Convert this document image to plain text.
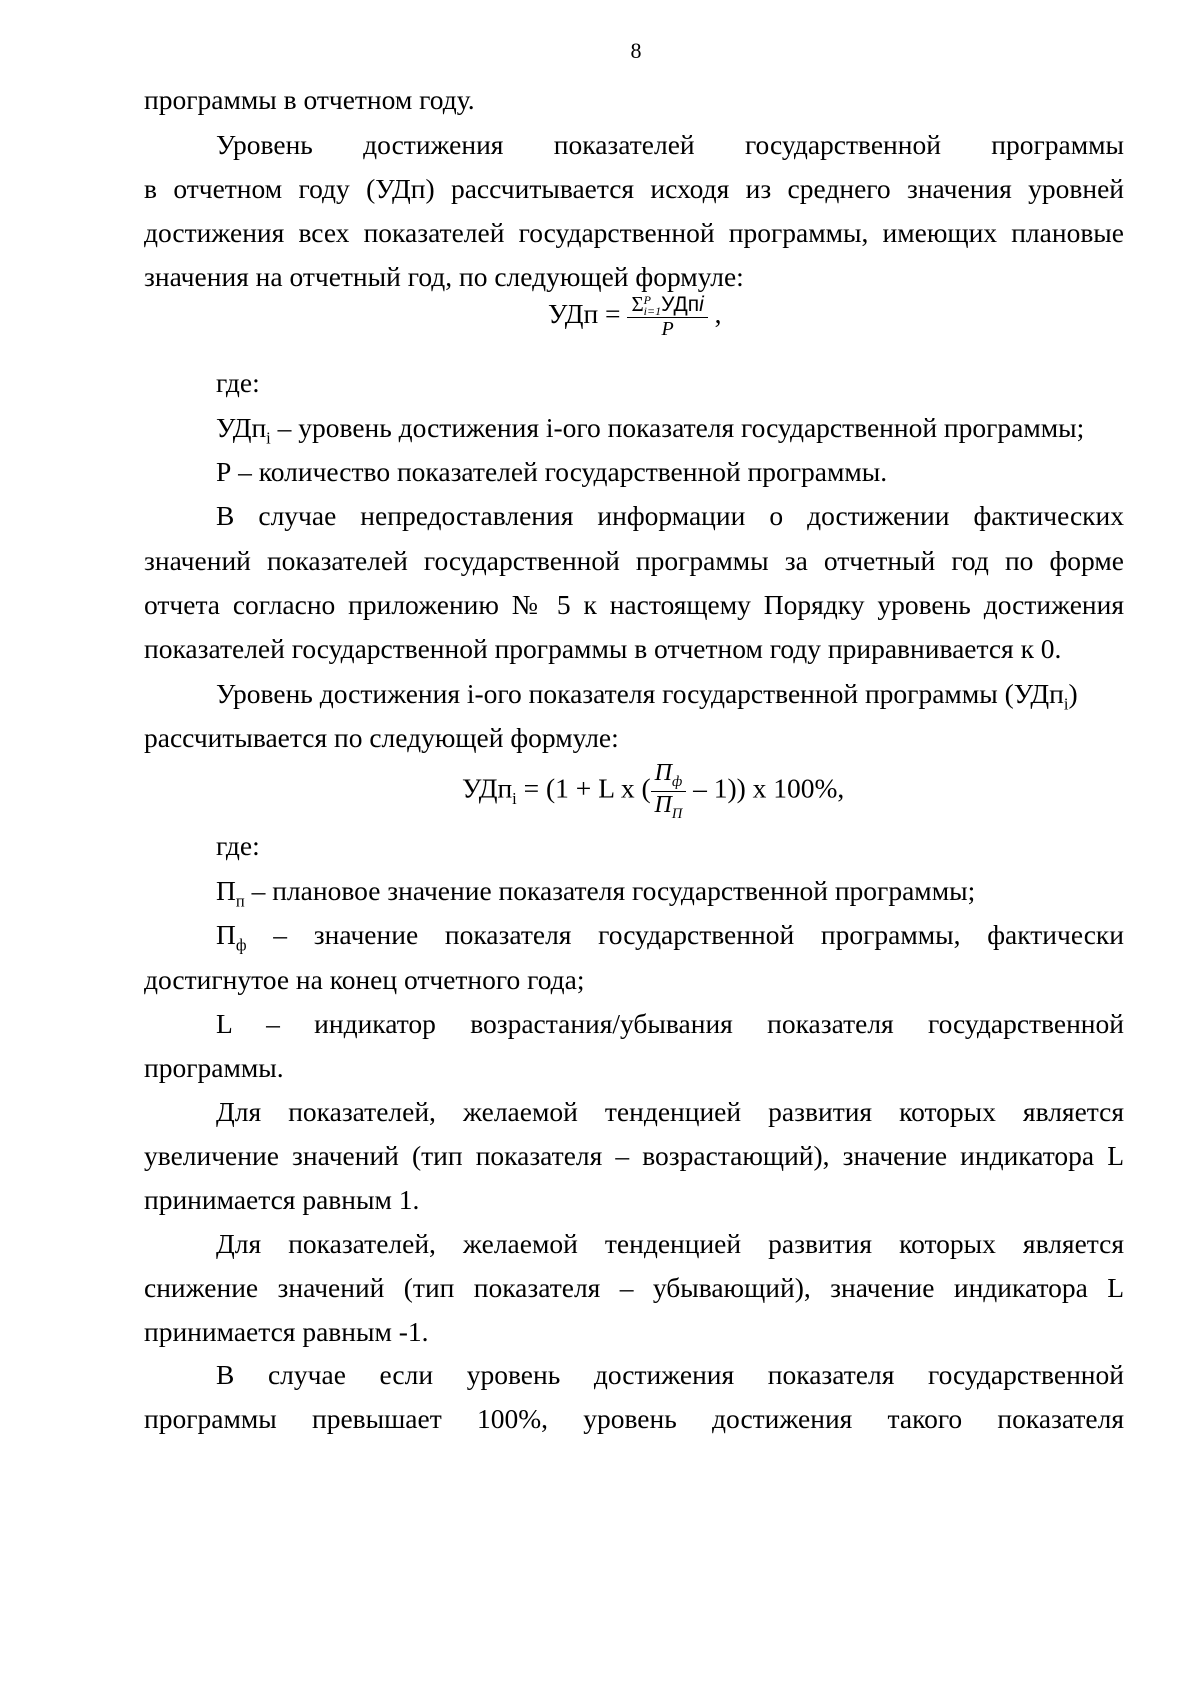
8
программы в отчетном году.
Уровень достижения показателей государственной программы
в отчетном году (УДп) рассчитывается исходя из среднего значения уровней
достижения всех показателей государственной программы, имеющих плановые
значения на отчетный год, по следующей формуле:
УДп = Σ P
i=1 УДпi
P ,
где:
УДп$_i$ – уровень достижения i-ого показателя государственной программы;
Р – количество показателей государственной программы.
В случае непредоставления информации о достижении фактических
значений показателей государственной программы за отчетный год по форме
отчета согласно приложению № 5 к настоящему Порядку уровень достижения
показателей государственной программы в отчетном году приравнивается к 0.
Уровень достижения i-ого показателя государственной программы (УДп$_i$)
рассчитывается по следующей формуле:
УДп$_i$ = (1 + L x ( $\frac{П_ф}{П_П} - 1$)) x 100%,
где:
$П_п$ – плановое значение показателя государственной программы;
$П_ф$ – значение показателя государственной программы, фактически
достигнутое на конец отчетного года;
L – индикатор возрастания/убывания показателя государственной
программы.
Для показателей, желаемой тенденцией развития которых является
увеличение значений (тип показателя – возрастающий), значение индикатора L
принимается равным 1.
Для показателей, желаемой тенденцией развития которых является
снижение значений (тип показателя – убывающий), значение индикатора L
принимается равным -1.
В случае если уровень достижения показателя государственной
программы превышает 100%, уровень достижения такого показателя
